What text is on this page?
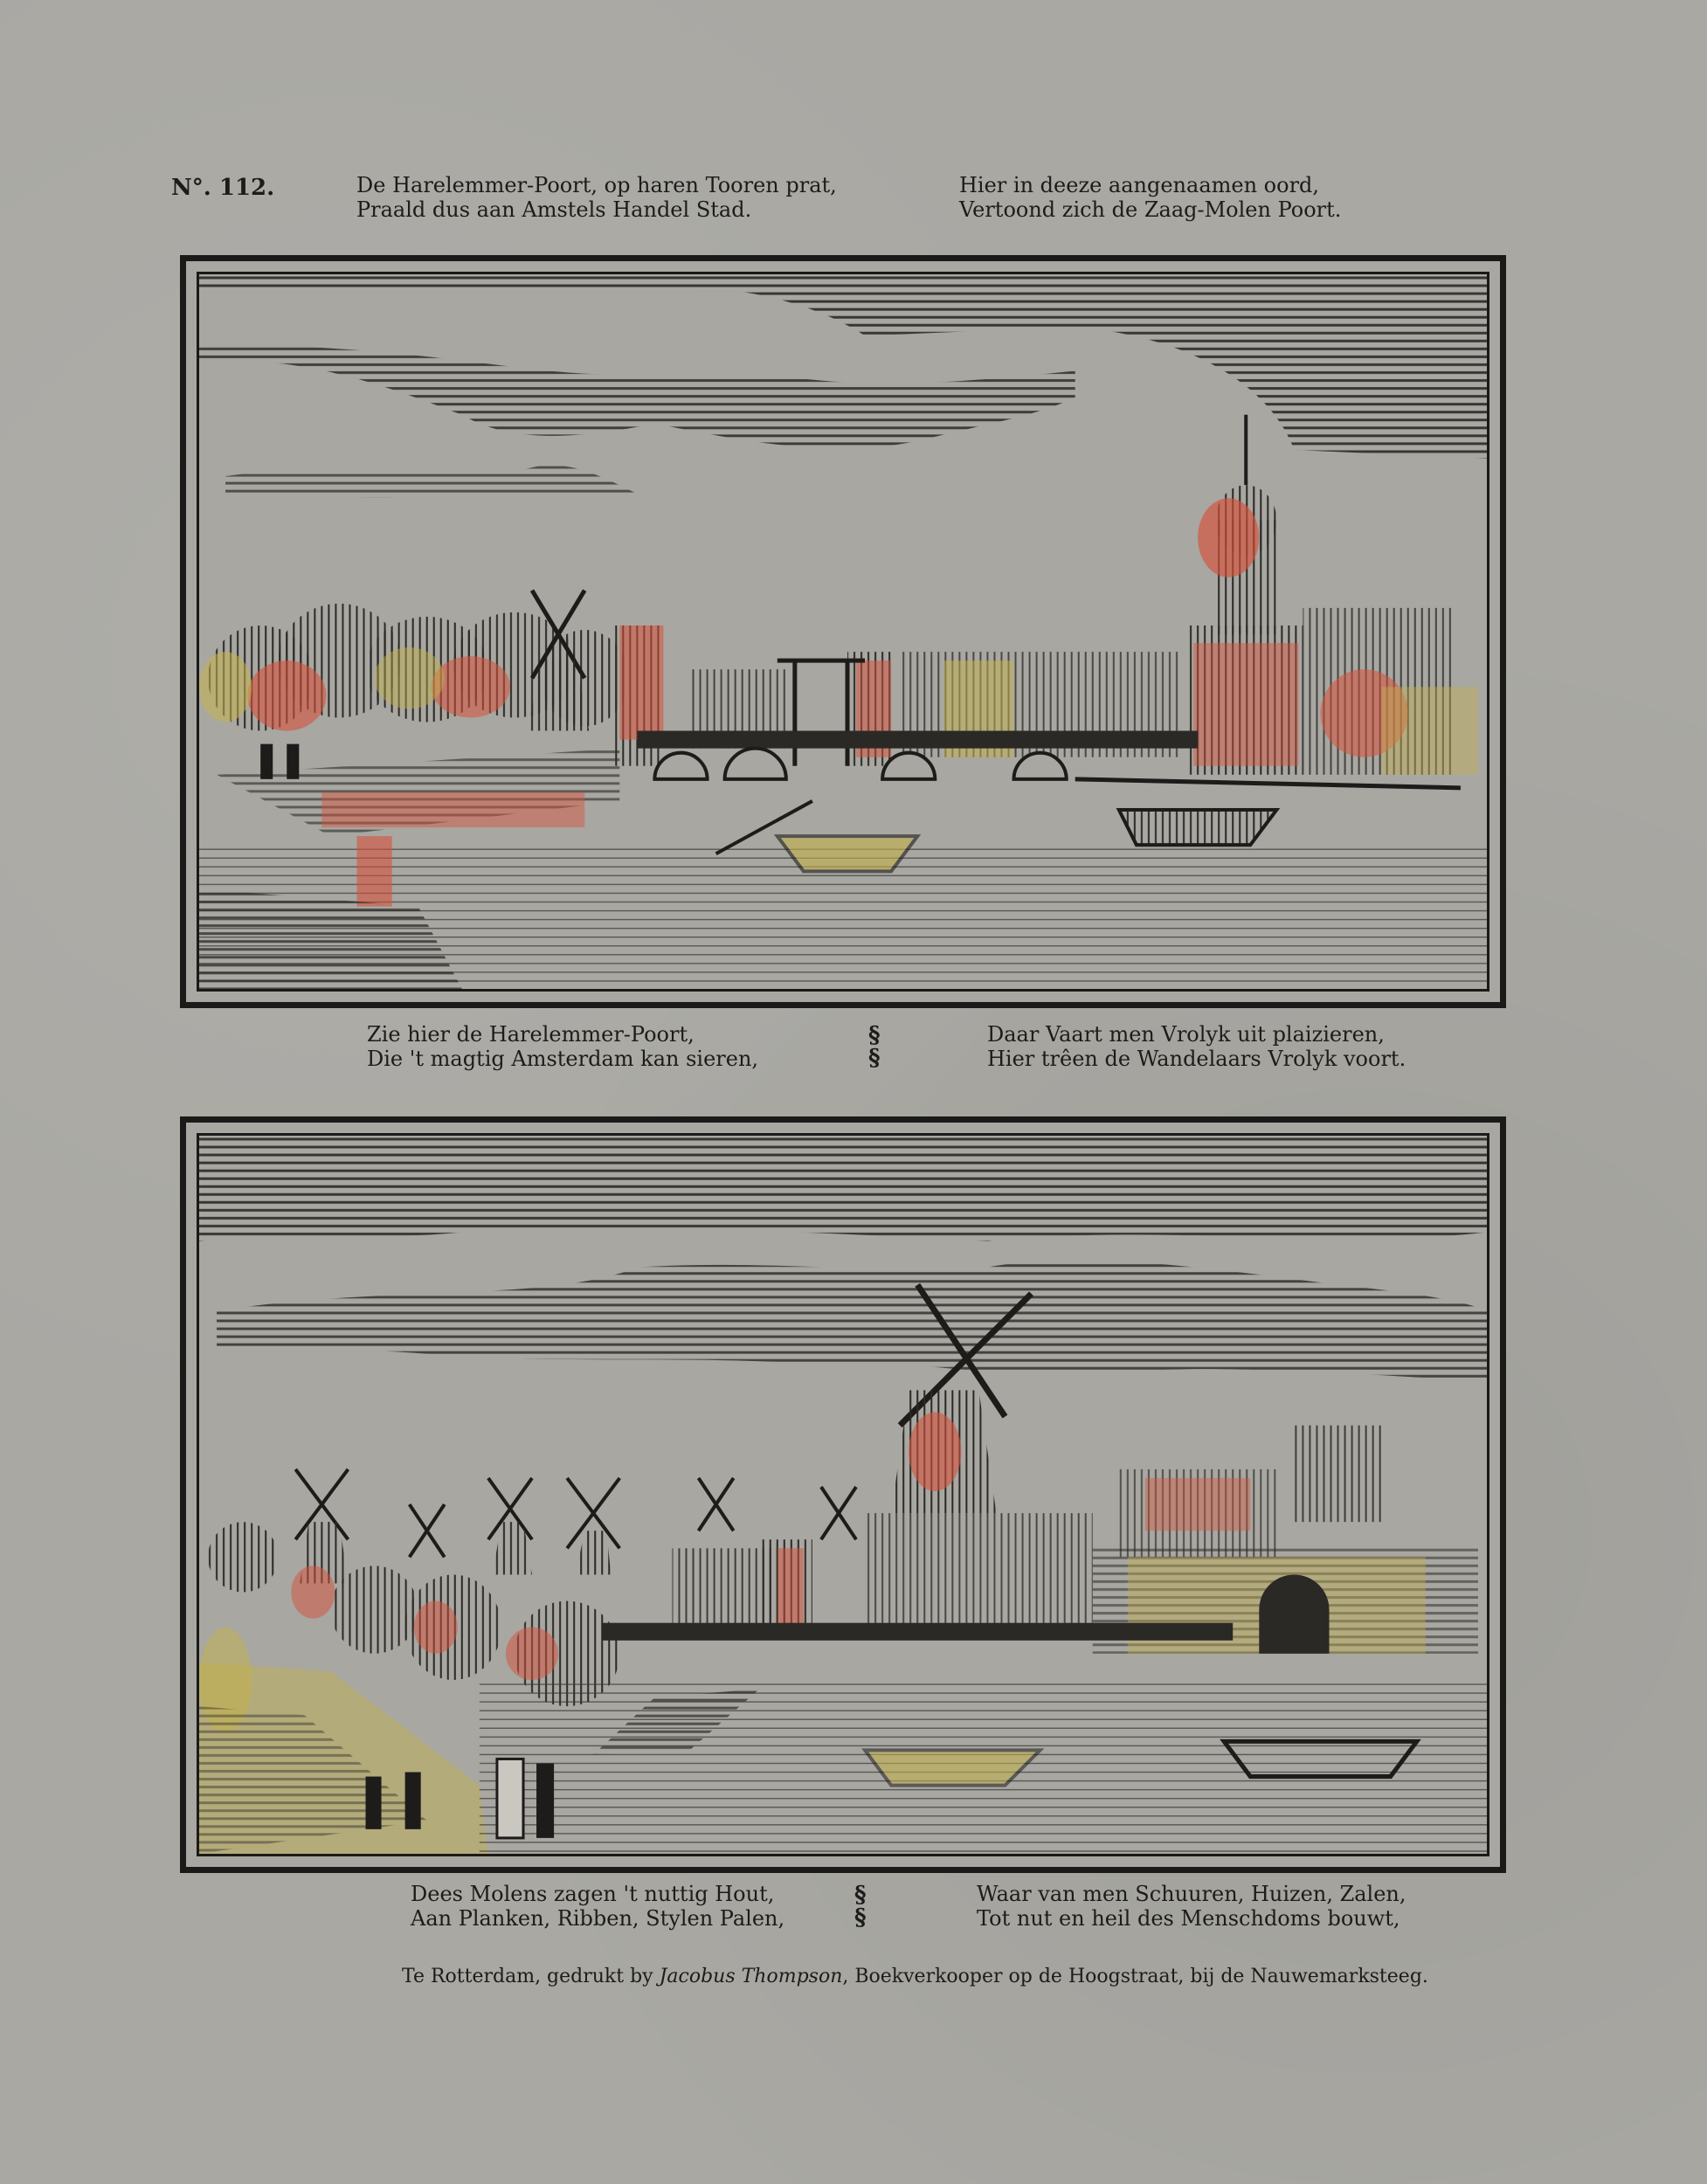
N°. 112.	De Harelemmer-Poort, op haren Tooren prat,
Praald dus aan Amstels Handel Stad.
Hier in deeze aangenaamen oord,
Vertoond zich de Zaag-Molen Poort.
Zie hier de Harelemmer-Poort,
Die 't magtig Amsterdam kan sieren,
§
§
Daar Vaart men Vrolyk uit plaizieren,
Hier trêen de Wandelaars Vrolyk voort.
Dees Molens zagen 't nuttig Hout,
Aan Planken, Ribben, Stylen Palen,
§
§
Waar van men Schuuren, Huizen, Zalen,
Tot nut en heil des Menschdoms bouwt,
Te Rotterdam, gedrukt by Jacobus Thompson, Boekverkooper op de Hoogstraat, bij de Nauwemarksteeg.
